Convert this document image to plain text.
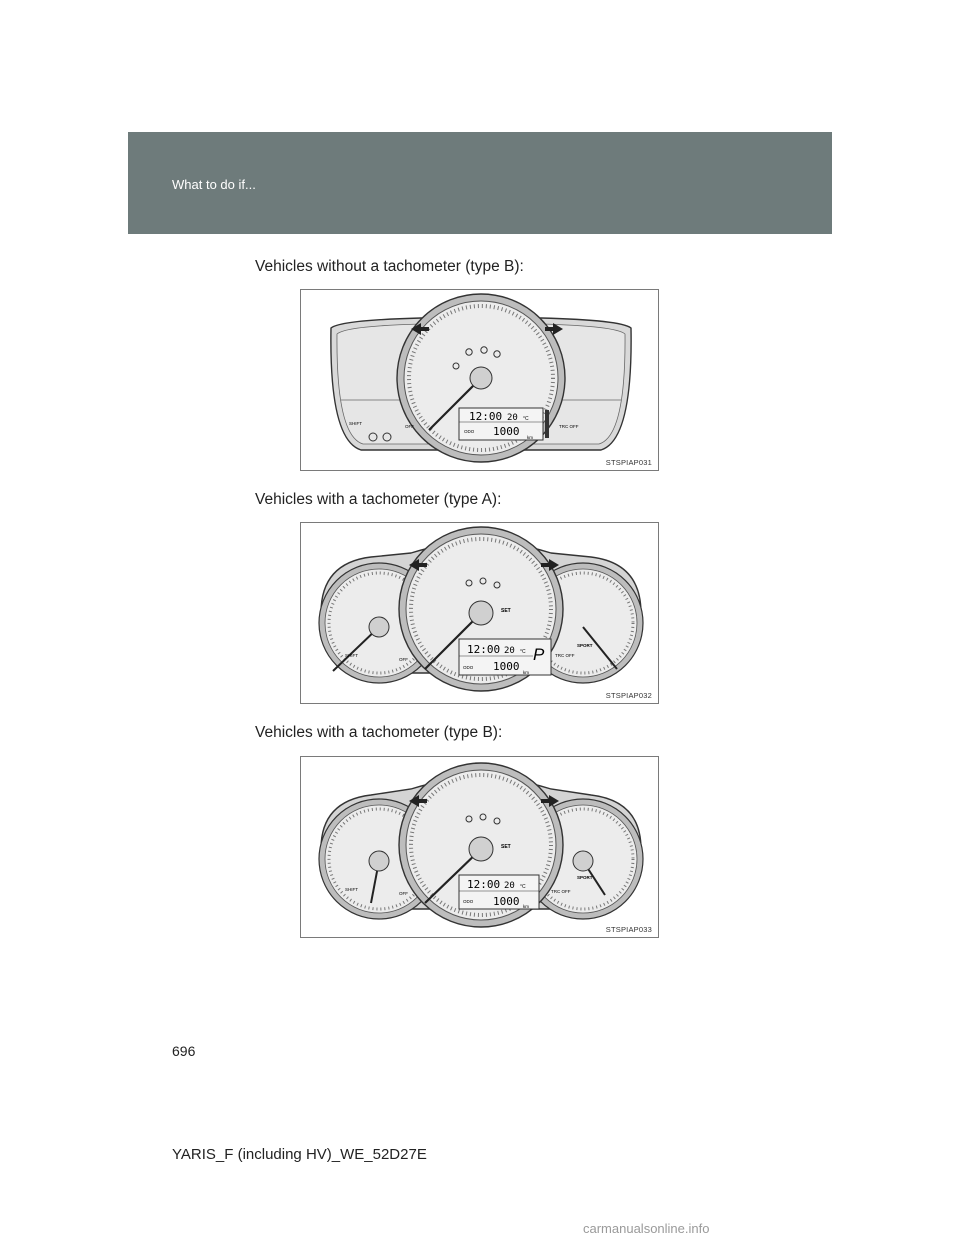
What to do if...
Vehicles without a tachometer (type B):
12:00 20 °C
ODO 1000 km
SHIFT
OFF	TRC OFF
STSPIAP031
Vehicles with a tachometer (type A):
SET
12:00 20 °C P
ODO 1000 km
SHIFT
OFF
TRC OFF
SPORT
STSPIAP032
Vehicles with a tachometer (type B):
SET
12:00 20 °C
ODO 1000 km
SHIFT
OFF	TRC OFF
SPORT
STSPIAP033
696
YARIS_F (including HV)_WE_52D27E
carmanualsonline.info
